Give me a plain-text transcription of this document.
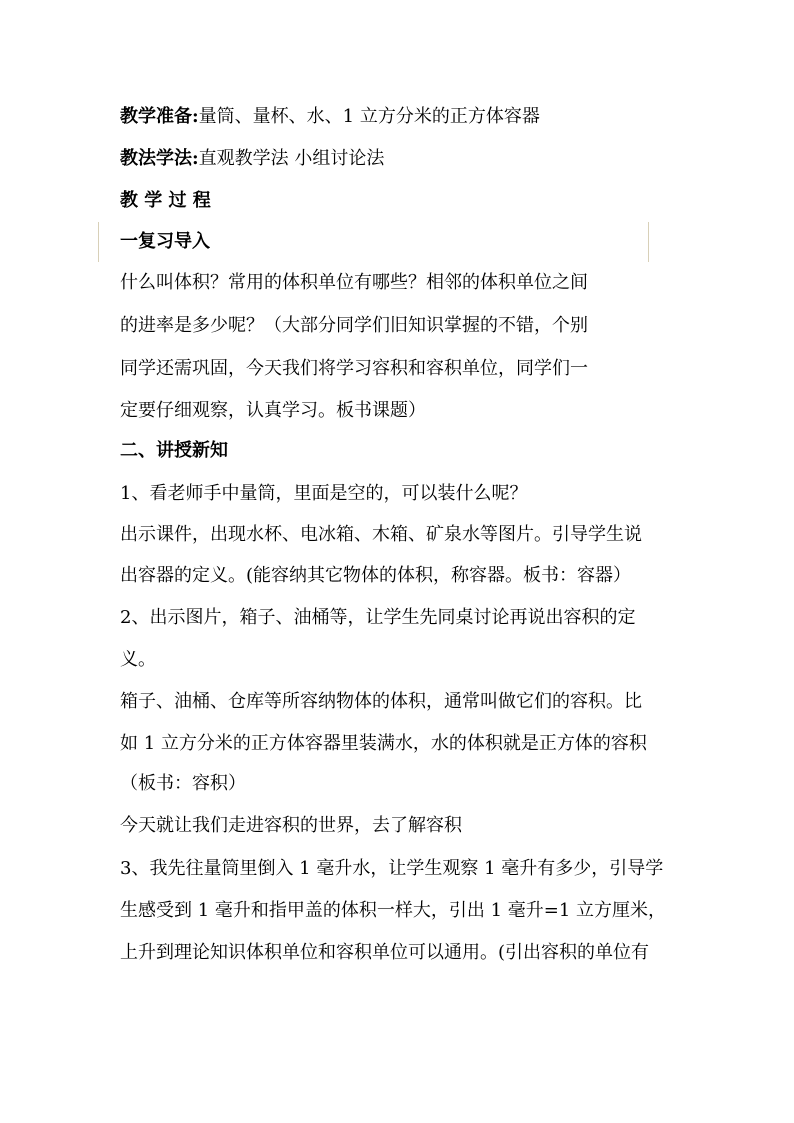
教学准备:量筒、量杯、水、1 立方分米的正方体容器
教法学法:直观教学法 小组讨论法
教 学 过 程
一复习导入
什么叫体积？常用的体积单位有哪些？相邻的体积单位之间
的进率是多少呢？（大部分同学们旧知识掌握的不错，个别
同学还需巩固，今天我们将学习容积和容积单位，同学们一
定要仔细观察，认真学习。板书课题）
二、讲授新知
1、看老师手中量筒，里面是空的，可以装什么呢？
出示课件，出现水杯、电冰箱、木箱、矿泉水等图片。引导学生说
出容器的定义。(能容纳其它物体的体积，称容器。板书：容器）
2、出示图片，箱子、油桶等，让学生先同桌讨论再说出容积的定
义。
箱子、油桶、仓库等所容纳物体的体积，通常叫做它们的容积。比
如 1 立方分米的正方体容器里装满水，水的体积就是正方体的容积
（板书：容积）
今天就让我们走进容积的世界，去了解容积
3、我先往量筒里倒入 1 毫升水，让学生观察 1 毫升有多少，引导学
生感受到 1 毫升和指甲盖的体积一样大，引出 1 毫升=1 立方厘米，
上升到理论知识体积单位和容积单位可以通用。(引出容积的单位有
